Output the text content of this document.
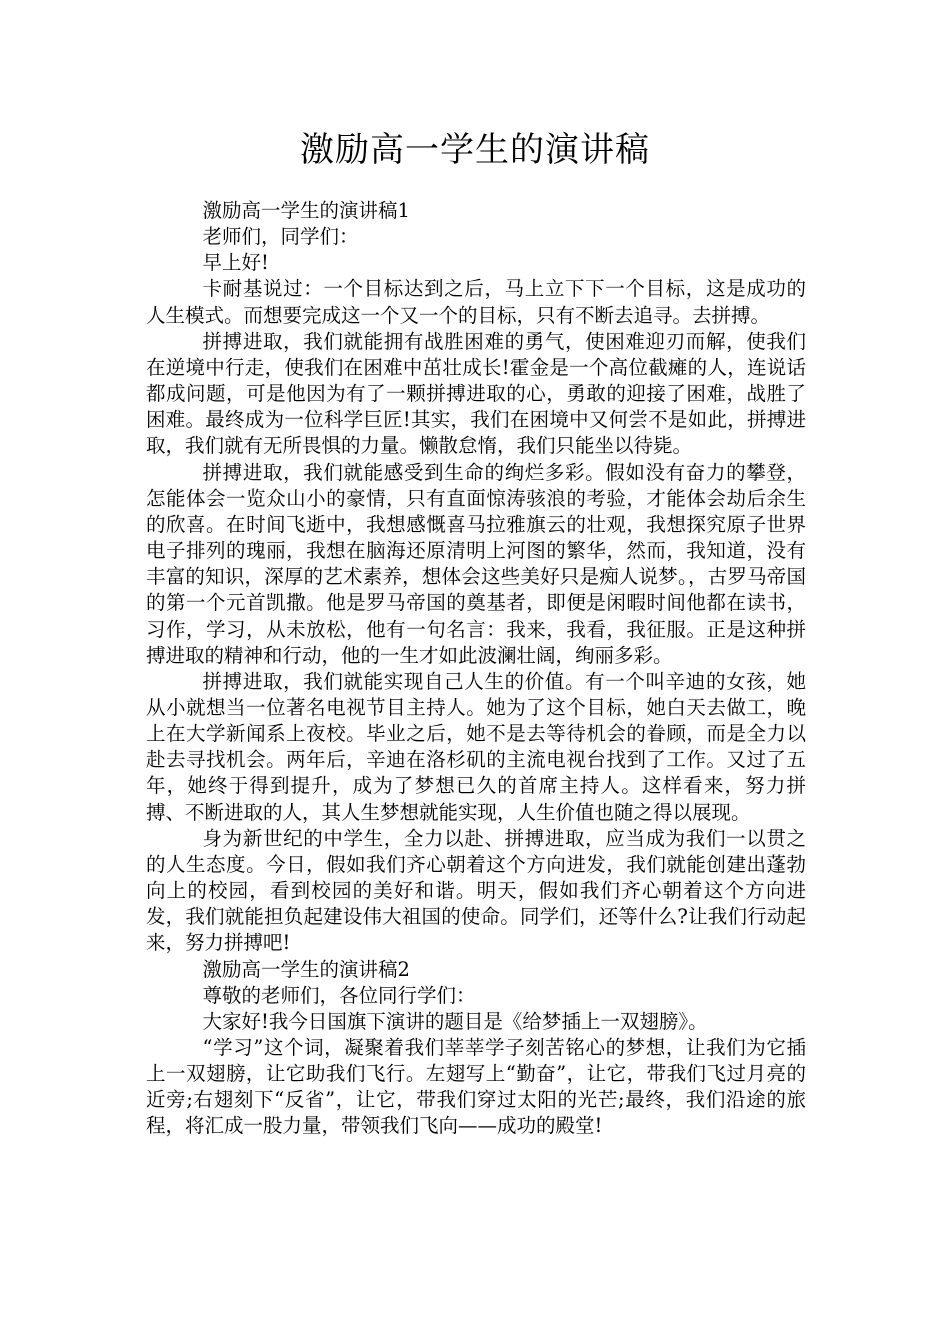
激励高一学生的演讲稿

激励高一学生的演讲稿1

老师们，同学们：

早上好!

卡耐基说过：一个目标达到之后，马上立下下一个目标，这是成功的人生模式。而想要完成这一个又一个的目标，只有不断去追寻。去拼搏。

拼搏进取，我们就能拥有战胜困难的勇气，使困难迎刃而解，使我们在逆境中行走，使我们在困难中茁壮成长!霍金是一个高位截瘫的人，连说话都成问题，可是他因为有了一颗拼搏进取的心，勇敢的迎接了困难，战胜了困难。最终成为一位科学巨匠!其实，我们在困境中又何尝不是如此，拼搏进取，我们就有无所畏惧的力量。懒散怠惰，我们只能坐以待毙。

拼搏进取，我们就能感受到生命的绚烂多彩。假如没有奋力的攀登，怎能体会一览众山小的豪情，只有直面惊涛骇浪的考验，才能体会劫后余生的欣喜。在时间飞逝中，我想感慨喜马拉雅旗云的壮观，我想探究原子世界电子排列的瑰丽，我想在脑海还原清明上河图的繁华，然而，我知道，没有丰富的知识，深厚的艺术素养，想体会这些美好只是痴人说梦。，古罗马帝国的第一个元首凯撒。他是罗马帝国的奠基者，即便是闲暇时间他都在读书，习作，学习，从未放松，他有一句名言：我来，我看，我征服。正是这种拼搏进取的精神和行动，他的一生才如此波澜壮阔，绚丽多彩。

拼搏进取，我们就能实现自己人生的价值。有一个叫辛迪的女孩，她从小就想当一位著名电视节目主持人。她为了这个目标，她白天去做工，晚上在大学新闻系上夜校。毕业之后，她不是去等待机会的眷顾，而是全力以赴去寻找机会。两年后，辛迪在洛杉矶的主流电视台找到了工作。又过了五年，她终于得到提升，成为了梦想已久的首席主持人。这样看来，努力拼搏、不断进取的人，其人生梦想就能实现，人生价值也随之得以展现。

身为新世纪的中学生，全力以赴、拼搏进取，应当成为我们一以贯之的人生态度。今日，假如我们齐心朝着这个方向进发，我们就能创建出蓬勃向上的校园，看到校园的美好和谐。明天，假如我们齐心朝着这个方向进发，我们就能担负起建设伟大祖国的使命。同学们，还等什么?让我们行动起来，努力拼搏吧!

激励高一学生的演讲稿2

尊敬的老师们，各位同行学们：

大家好!我今日国旗下演讲的题目是《给梦插上一双翅膀》。

“学习”这个词，凝聚着我们莘莘学子刻苦铭心的梦想，让我们为它插上一双翅膀，让它助我们飞行。左翅写上“勤奋”，让它，带我们飞过月亮的近旁;右翅刻下“反省”，让它，带我们穿过太阳的光芒;最终，我们沿途的旅程，将汇成一股力量，带领我们飞向——成功的殿堂!
